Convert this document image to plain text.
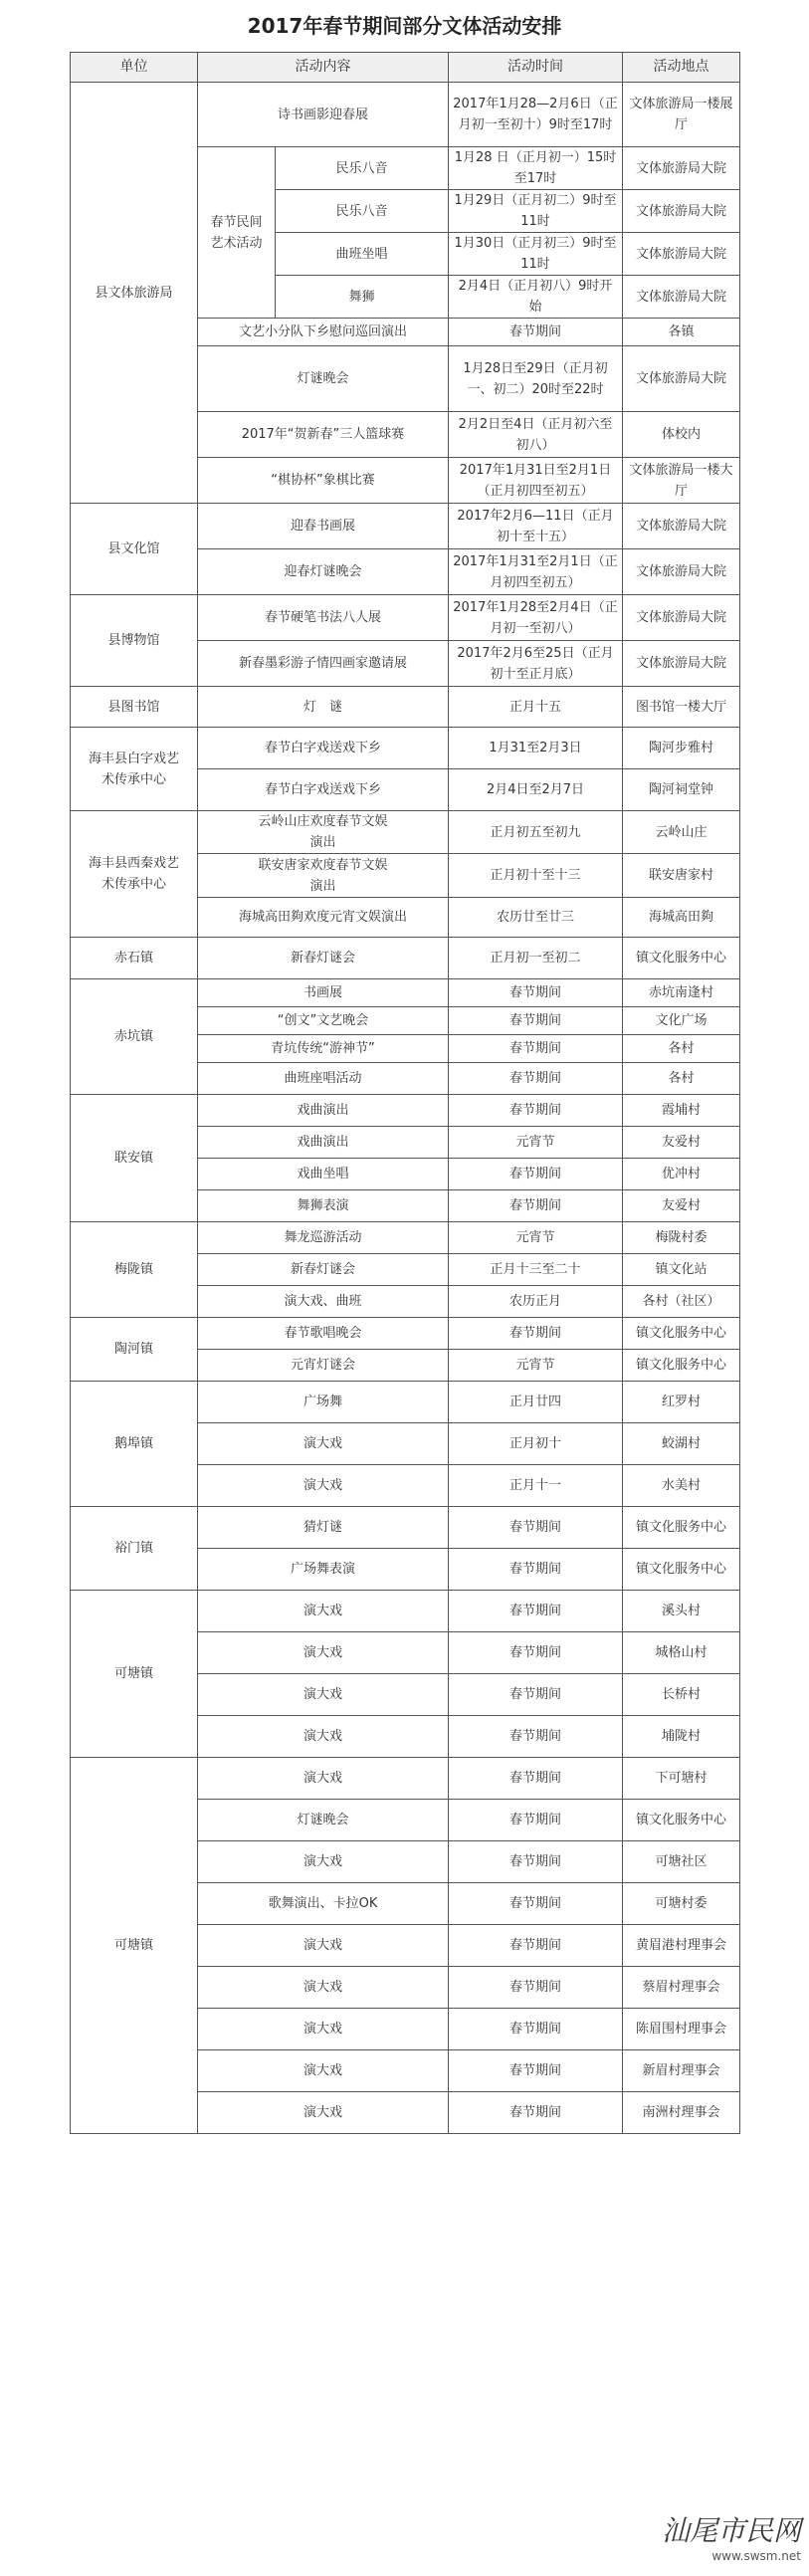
2017年春节期间部分文体活动安排
单位	活动内容		活动时间	活动地点
县文体旅游局	诗书画影迎春展		2017年1月28—2月6日（正月初一至初十）9时至17时	文体旅游局一楼展厅
	春节民间艺术活动	民乐八音	1月28 日（正月初一）15时至17时	文体旅游局大院
		民乐八音	1月29日（正月初二）9时至11时	文体旅游局大院
		曲班坐唱	1月30日（正月初三）9时至11时	文体旅游局大院
		舞狮	2月4日（正月初八）9时开始	文体旅游局大院
	文艺小分队下乡慰问巡回演出		春节期间	各镇
	灯谜晚会		1月28日至29日（正月初一、初二）20时至22时	文体旅游局大院
	2017年“贺新春”三人篮球赛		2月2日至4日（正月初六至初八）	体校内
	“棋协杯”象棋比赛		2017年1月31日至2月1日（正月初四至初五）	文体旅游局一楼大厅
县文化馆	迎春书画展		2017年2月6—11日（正月初十至十五）	文体旅游局大院
	迎春灯谜晚会		2017年1月31至2月1日（正月初四至初五）	文体旅游局大院
县博物馆	春节硬笔书法八人展		2017年1月28至2月4日（正月初一至初八）	文体旅游局大院
	新春墨彩游子情四画家邀请展		2017年2月6至25日（正月初十至正月底）	文体旅游局大院
县图书馆	灯　谜		正月十五	图书馆一楼大厅
海丰县白字戏艺术传承中心	春节白字戏送戏下乡		1月31至2月3日	陶河步雅村
	春节白字戏送戏下乡		2月4日至2月7日	陶河祠堂钟
海丰县西秦戏艺术传承中心	云岭山庄欢度春节文娱演出		正月初五至初九	云岭山庄
	联安唐家欢度春节文娱演出		正月初十至十三	联安唐家村
	海城高田夠欢度元宵文娱演出		农历廿至廿三	海城高田夠
赤石镇	新春灯谜会		正月初一至初二	镇文化服务中心
赤坑镇	书画展		春节期间	赤坑南逢村
	“创文”文艺晚会		春节期间	文化广场
	青坑传统“游神节”		春节期间	各村
	曲班座唱活动		春节期间	各村
联安镇	戏曲演出		春节期间	霞埔村
	戏曲演出		元宵节	友爱村
	戏曲坐唱		春节期间	优冲村
	舞狮表演		春节期间	友爱村
梅陇镇	舞龙巡游活动		元宵节	梅陇村委
	新春灯谜会		正月十三至二十	镇文化站
	演大戏、曲班		农历正月	各村（社区）
陶河镇	春节歌唱晚会		春节期间	镇文化服务中心
	元宵灯谜会		元宵节	镇文化服务中心
鹅埠镇	广场舞		正月廿四	红罗村
	演大戏		正月初十	蛟湖村
	演大戏		正月十一	水美村
裕门镇	猜灯谜		春节期间	镇文化服务中心
	广场舞表演		春节期间	镇文化服务中心
可塘镇	演大戏		春节期间	溪头村
	演大戏		春节期间	城格山村
	演大戏		春节期间	长桥村
	演大戏		春节期间	埔陇村
可塘镇	演大戏		春节期间	下可塘村
	灯谜晚会		春节期间	镇文化服务中心
	演大戏		春节期间	可塘社区
	歌舞演出、卡拉OK		春节期间	可塘村委
	演大戏		春节期间	黄眉港村理事会
	演大戏		春节期间	蔡眉村理事会
	演大戏		春节期间	陈眉围村理事会
	演大戏		春节期间	新眉村理事会
	演大戏		春节期间	南洲村理事会
汕尾市民网
www.swsm.net
